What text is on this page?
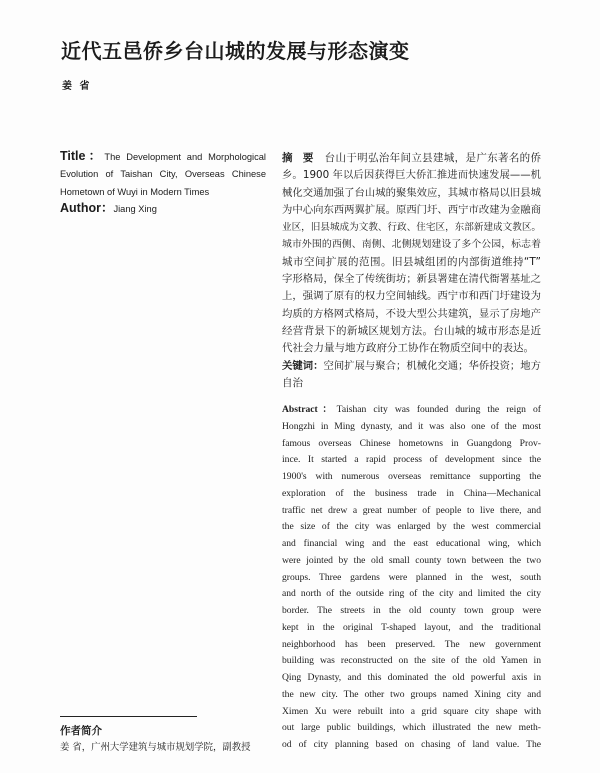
近代五邑侨乡台山城的发展与形态演变
姜 省
Title：The Development and Morphological
Evolution of Taishan City, Overseas Chinese
Hometown of Wuyi in Modern Times
Author：Jiang Xing
摘 要 台山于明弘治年间立县建城，是广东著名的侨
乡。1900 年以后因获得巨大侨汇推进而快速发展——机
械化交通加强了台山城的聚集效应，其城市格局以旧县城
为中心向东西两翼扩展。原西门圩、西宁市改建为金融商
业区，旧县城成为文教、行政、住宅区，东部新建成文教区。
城市外围的西侧、南侧、北侧规划建设了多个公园，标志着
城市空间扩展的范围。旧县城组团的内部街道维持“T”
字形格局，保全了传统街坊；新县署建在清代衙署基址之
上，强调了原有的权力空间轴线。西宁市和西门圩建设为
均质的方格网式格局，不设大型公共建筑，显示了房地产
经营背景下的新城区规划方法。台山城的城市形态是近
代社会力量与地方政府分工协作在物质空间中的表达。
关键词：空间扩展与聚合；机械化交通；华侨投资；地方
自治
Abstract：Taishan city was founded during the reign of
Hongzhi in Ming dynasty, and it was also one of the most
famous overseas Chinese hometowns in Guangdong Prov-
ince. It started a rapid process of development since the
1900's with numerous overseas remittance supporting the
exploration of the business trade in China—Mechanical
traffic net drew a great number of people to live there, and
the size of the city was enlarged by the west commercial
and financial wing and the east educational wing, which
were jointed by the old small county town between the two
groups. Three gardens were planned in the west, south
and north of the outside ring of the city and limited the city
border. The streets in the old county town group were
kept in the original T-shaped layout, and the traditional
neighborhood has been preserved. The new government
building was reconstructed on the site of the old Yamen in
Qing Dynasty, and this dominated the old powerful axis in
the new city. The other two groups named Xining city and
Ximen Xu were rebuilt into a grid square city shape with
out large public buildings, which illustrated the new meth-
od of city planning based on chasing of land value. The
作者简介
姜 省，广州大学建筑与城市规划学院，副教授
